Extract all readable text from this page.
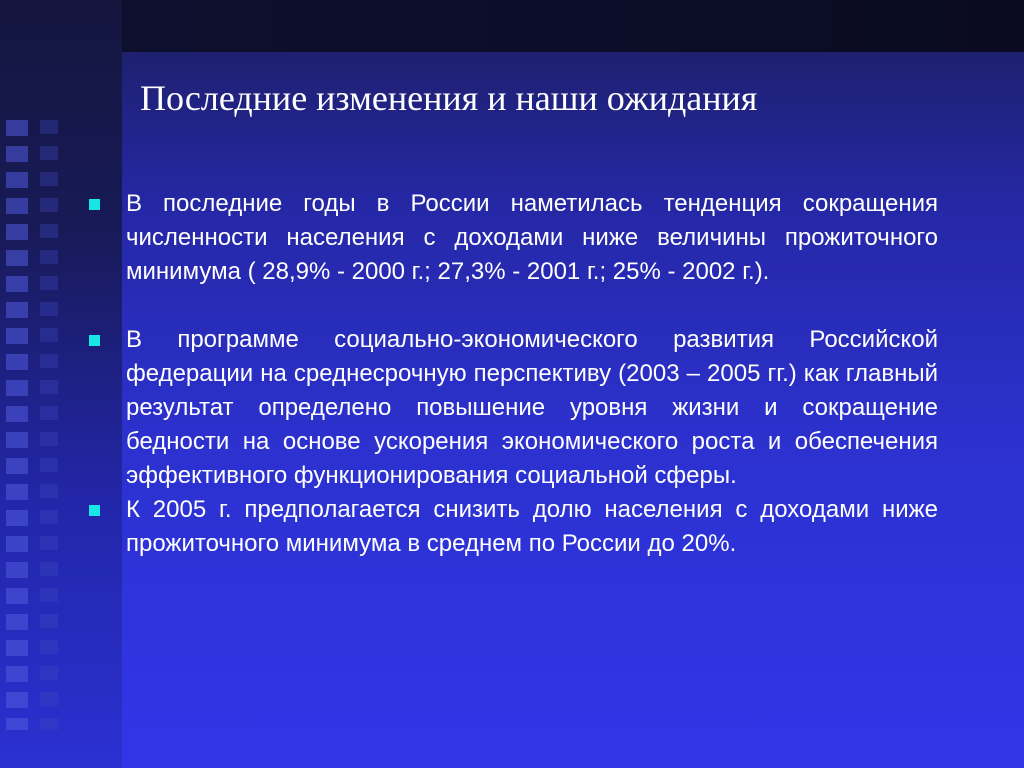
Последние изменения и наши ожидания
В последние годы в России наметилась тенденция сокращения численности населения с доходами ниже величины прожиточного минимума ( 28,9% - 2000 г.; 27,3% - 2001 г.; 25% - 2002 г.).
В программе социально-экономического развития Российской федерации на среднесрочную перспективу (2003 – 2005 гг.) как главный результат определено повышение уровня жизни и сокращение бедности на основе ускорения экономического роста и обеспечения эффективного функционирования социальной сферы.
К 2005 г. предполагается снизить долю населения с доходами ниже прожиточного минимума в среднем по России до 20%.
